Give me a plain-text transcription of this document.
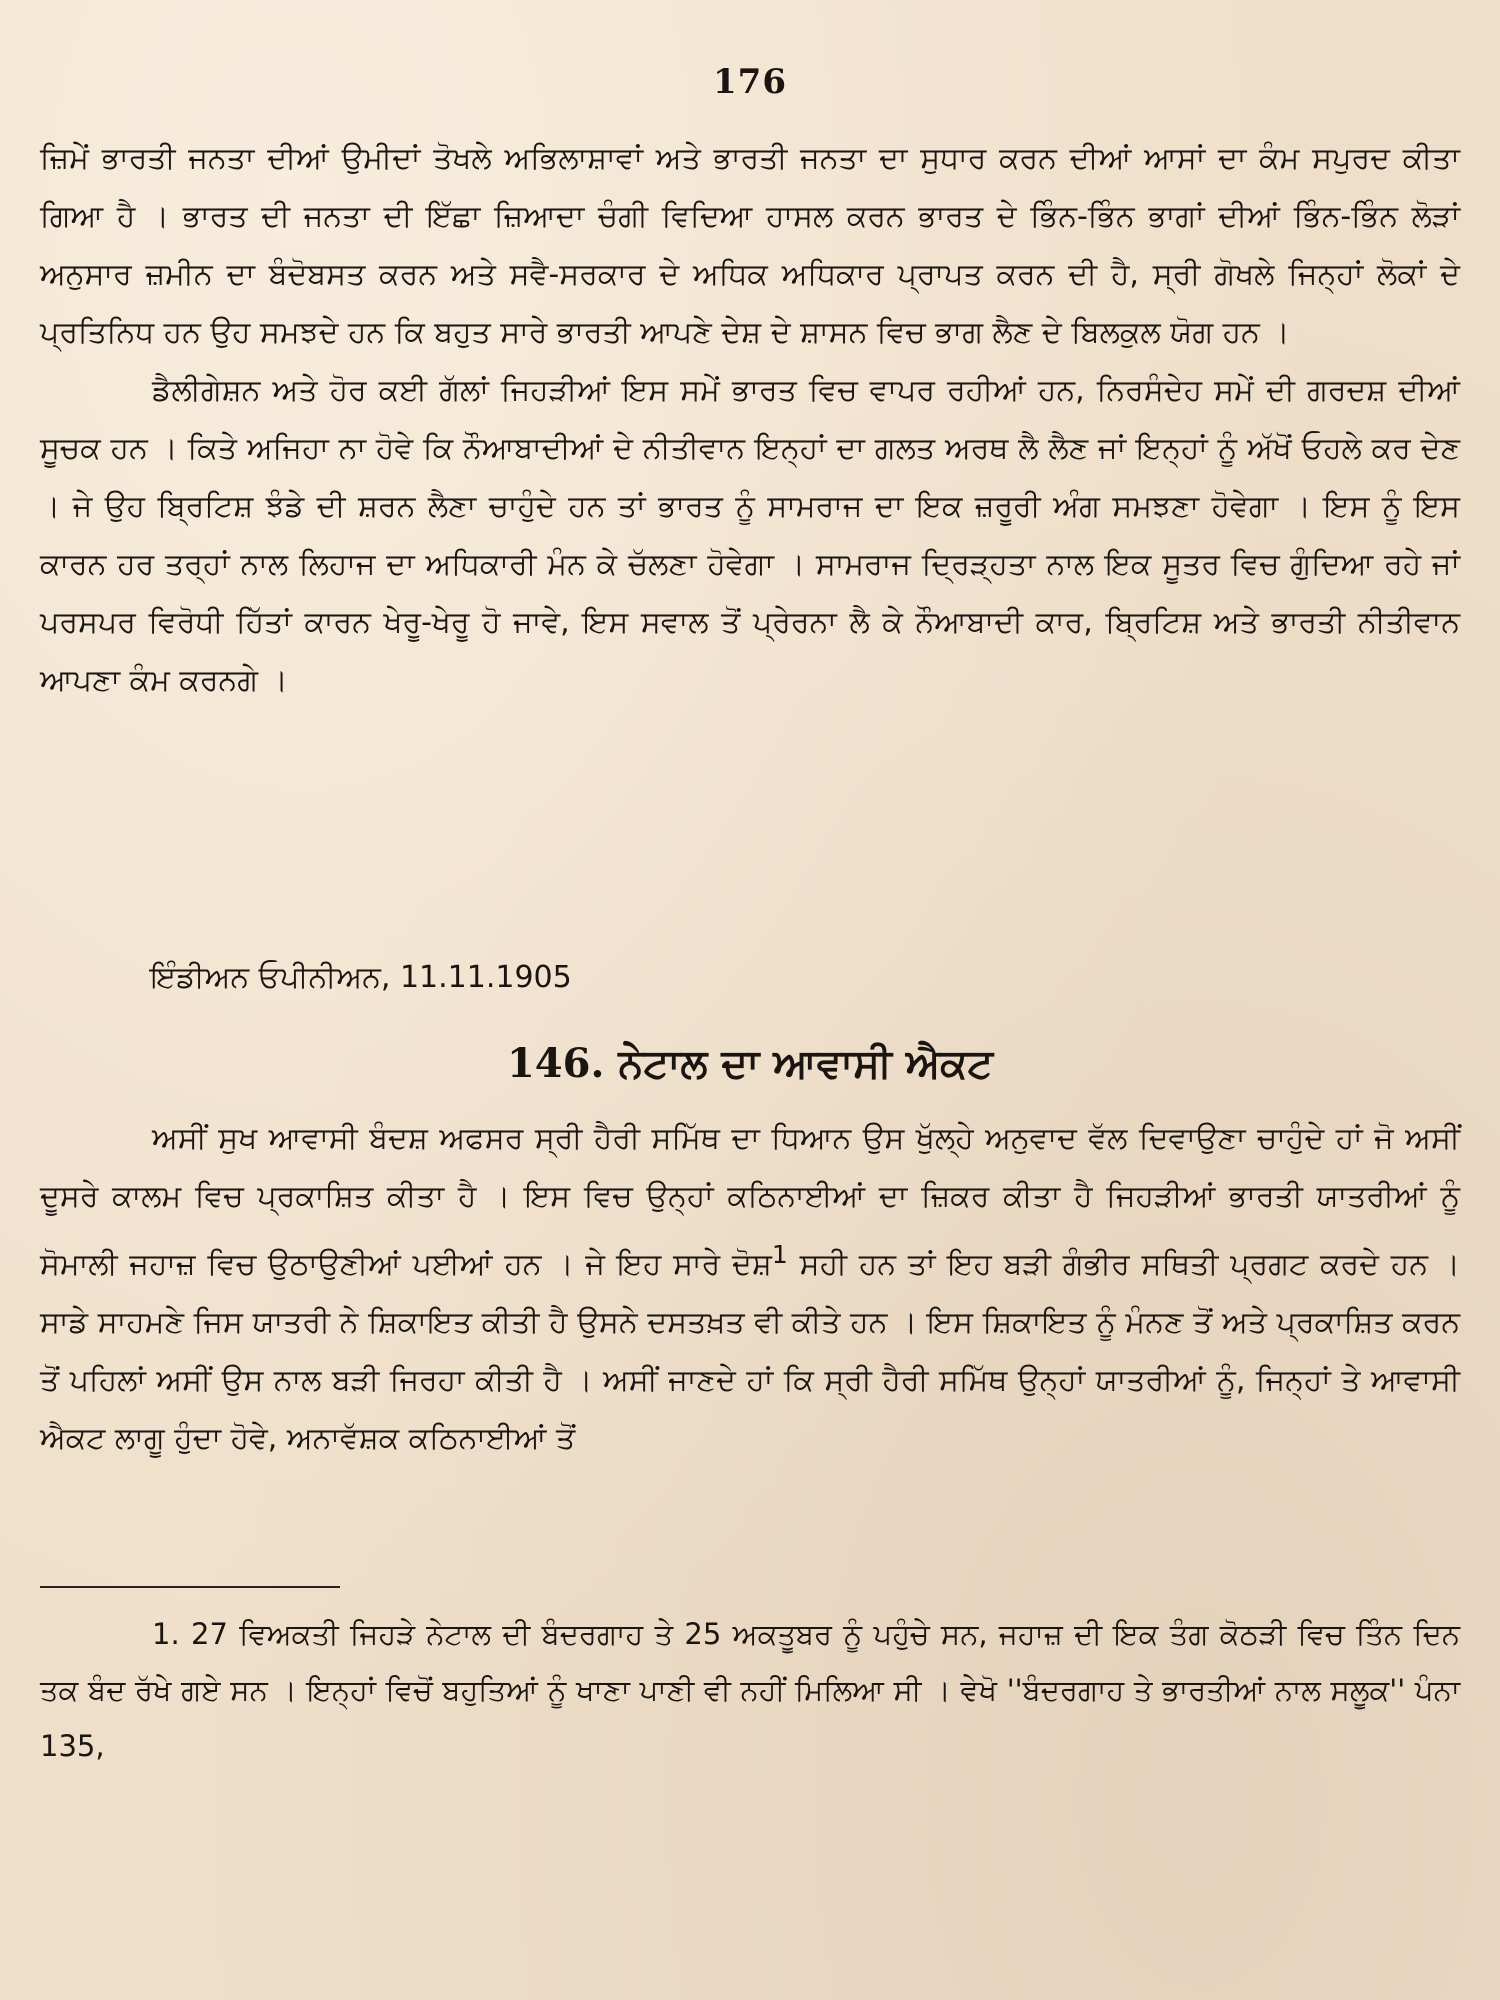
176

ਜ਼ਿਮੇਂ ਭਾਰਤੀ ਜਨਤਾ ਦੀਆਂ ਉਮੀਦਾਂ ਤੋਖਲੇ ਅਭਿਲਾਸ਼ਾਵਾਂ ਅਤੇ ਭਾਰਤੀ ਜਨਤਾ ਦਾ ਸੁਧਾਰ ਕਰਨ ਦੀਆਂ ਆਸਾਂ ਦਾ ਕੰਮ ਸਪੁਰਦ ਕੀਤਾ ਗਿਆ ਹੈ । ਭਾਰਤ ਦੀ ਜਨਤਾ ਦੀ ਇੱਛਾ ਜ਼ਿਆਦਾ ਚੰਗੀ ਵਿਦਿਆ ਹਾਸਲ ਕਰਨ ਭਾਰਤ ਦੇ ਭਿੰਨ-ਭਿੰਨ ਭਾਗਾਂ ਦੀਆਂ ਭਿੰਨ-ਭਿੰਨ ਲੋੜਾਂ ਅਨੁਸਾਰ ਜ਼ਮੀਨ ਦਾ ਬੰਦੋਬਸਤ ਕਰਨ ਅਤੇ ਸਵੈ-ਸਰਕਾਰ ਦੇ ਅਧਿਕ ਅਧਿਕਾਰ ਪ੍ਰਾਪਤ ਕਰਨ ਦੀ ਹੈ, ਸ੍ਰੀ ਗੋਖਲੇ ਜਿਨ੍ਹਾਂ ਲੋਕਾਂ ਦੇ ਪ੍ਰਤਿਨਿਧ ਹਨ ਉਹ ਸਮਝਦੇ ਹਨ ਕਿ ਬਹੁਤ ਸਾਰੇ ਭਾਰਤੀ ਆਪਣੇ ਦੇਸ਼ ਦੇ ਸ਼ਾਸਨ ਵਿਚ ਭਾਗ ਲੈਣ ਦੇ ਬਿਲਕੁਲ ਯੋਗ ਹਨ ।

ਡੈਲੀਗੇਸ਼ਨ ਅਤੇ ਹੋਰ ਕਈ ਗੱਲਾਂ ਜਿਹੜੀਆਂ ਇਸ ਸਮੇਂ ਭਾਰਤ ਵਿਚ ਵਾਪਰ ਰਹੀਆਂ ਹਨ, ਨਿਰਸੰਦੇਹ ਸਮੇਂ ਦੀ ਗਰਦਸ਼ ਦੀਆਂ ਸੂਚਕ ਹਨ । ਕਿਤੇ ਅਜਿਹਾ ਨਾ ਹੋਵੇ ਕਿ ਨੌਆਬਾਦੀਆਂ ਦੇ ਨੀਤੀਵਾਨ ਇਨ੍ਹਾਂ ਦਾ ਗਲਤ ਅਰਥ ਲੈ ਲੈਣ ਜਾਂ ਇਨ੍ਹਾਂ ਨੂੰ ਅੱਖੋਂ ਓਹਲੇ ਕਰ ਦੇਣ । ਜੇ ਉਹ ਬ੍ਰਿਟਿਸ਼ ਝੰਡੇ ਦੀ ਸ਼ਰਨ ਲੈਣਾ ਚਾਹੁੰਦੇ ਹਨ ਤਾਂ ਭਾਰਤ ਨੂੰ ਸਾਮਰਾਜ ਦਾ ਇਕ ਜ਼ਰੂਰੀ ਅੰਗ ਸਮਝਣਾ ਹੋਵੇਗਾ । ਇਸ ਨੂੰ ਇਸ ਕਾਰਨ ਹਰ ਤਰ੍ਹਾਂ ਨਾਲ ਲਿਹਾਜ ਦਾ ਅਧਿਕਾਰੀ ਮੰਨ ਕੇ ਚੱਲਣਾ ਹੋਵੇਗਾ । ਸਾਮਰਾਜ ਦ੍ਰਿੜ੍ਹਤਾ ਨਾਲ ਇਕ ਸੂਤਰ ਵਿਚ ਗੁੰਦਿਆ ਰਹੇ ਜਾਂ ਪਰਸਪਰ ਵਿਰੋਧੀ ਹਿੱਤਾਂ ਕਾਰਨ ਖੇਰੂ-ਖੇਰੂ ਹੋ ਜਾਵੇ, ਇਸ ਸਵਾਲ ਤੋਂ ਪ੍ਰੇਰਨਾ ਲੈ ਕੇ ਨੌਆਬਾਦੀ ਕਾਰ, ਬ੍ਰਿਟਿਸ਼ ਅਤੇ ਭਾਰਤੀ ਨੀਤੀਵਾਨ ਆਪਣਾ ਕੰਮ ਕਰਨਗੇ ।

ਇੰਡੀਅਨ ਓਪੀਨੀਅਨ, 11.11.1905
146. ਨੇਟਾਲ ਦਾ ਆਵਾਸੀ ਐਕਟ

ਅਸੀਂ ਸੁਖ ਆਵਾਸੀ ਬੰਦਸ਼ ਅਫਸਰ ਸ੍ਰੀ ਹੈਰੀ ਸਮਿੱਥ ਦਾ ਧਿਆਨ ਉਸ ਖੁੱਲ੍ਹੇ ਅਨੁਵਾਦ ਵੱਲ ਦਿਵਾਉਣਾ ਚਾਹੁੰਦੇ ਹਾਂ ਜੋ ਅਸੀਂ ਦੂਸਰੇ ਕਾਲਮ ਵਿਚ ਪ੍ਰਕਾਸ਼ਿਤ ਕੀਤਾ ਹੈ । ਇਸ ਵਿਚ ਉਨ੍ਹਾਂ ਕਠਿਨਾਈਆਂ ਦਾ ਜ਼ਿਕਰ ਕੀਤਾ ਹੈ ਜਿਹੜੀਆਂ ਭਾਰਤੀ ਯਾਤਰੀਆਂ ਨੂੰ ਸੋਮਾਲੀ ਜਹਾਜ਼ ਵਿਚ ਉਠਾਉਣੀਆਂ ਪਈਆਂ ਹਨ । ਜੇ ਇਹ ਸਾਰੇ ਦੋਸ਼$^1$ ਸਹੀ ਹਨ ਤਾਂ ਇਹ ਬੜੀ ਗੰਭੀਰ ਸਥਿਤੀ ਪ੍ਰਗਟ ਕਰਦੇ ਹਨ । ਸਾਡੇ ਸਾਹਮਣੇ ਜਿਸ ਯਾਤਰੀ ਨੇ ਸ਼ਿਕਾਇਤ ਕੀਤੀ ਹੈ ਉਸਨੇ ਦਸਤਖ਼ਤ ਵੀ ਕੀਤੇ ਹਨ । ਇਸ ਸ਼ਿਕਾਇਤ ਨੂੰ ਮੰਨਣ ਤੋਂ ਅਤੇ ਪ੍ਰਕਾਸ਼ਿਤ ਕਰਨ ਤੋਂ ਪਹਿਲਾਂ ਅਸੀਂ ਉਸ ਨਾਲ ਬੜੀ ਜਿਰਹਾ ਕੀਤੀ ਹੈ । ਅਸੀਂ ਜਾਣਦੇ ਹਾਂ ਕਿ ਸ੍ਰੀ ਹੈਰੀ ਸਮਿੱਥ ਉਨ੍ਹਾਂ ਯਾਤਰੀਆਂ ਨੂੰ, ਜਿਨ੍ਹਾਂ ਤੇ ਆਵਾਸੀ ਐਕਟ ਲਾਗੂ ਹੁੰਦਾ ਹੋਵੇ, ਅਨਾਵੱਸ਼ਕ ਕਠਿਨਾਈਆਂ ਤੋਂ

1. 27 ਵਿਅਕਤੀ ਜਿਹੜੇ ਨੇਟਾਲ ਦੀ ਬੰਦਰਗਾਹ ਤੇ 25 ਅਕਤੂਬਰ ਨੂੰ ਪਹੁੰਚੇ ਸਨ, ਜਹਾਜ਼ ਦੀ ਇਕ ਤੰਗ ਕੋਠੜੀ ਵਿਚ ਤਿੰਨ ਦਿਨ ਤਕ ਬੰਦ ਰੱਖੇ ਗਏ ਸਨ । ਇਨ੍ਹਾਂ ਵਿਚੋਂ ਬਹੁਤਿਆਂ ਨੂੰ ਖਾਣਾ ਪਾਣੀ ਵੀ ਨਹੀਂ ਮਿਲਿਆ ਸੀ । ਵੇਖੋ ''ਬੰਦਰਗਾਹ ਤੇ ਭਾਰਤੀਆਂ ਨਾਲ ਸਲੂਕ'' ਪੰਨਾ 135,
